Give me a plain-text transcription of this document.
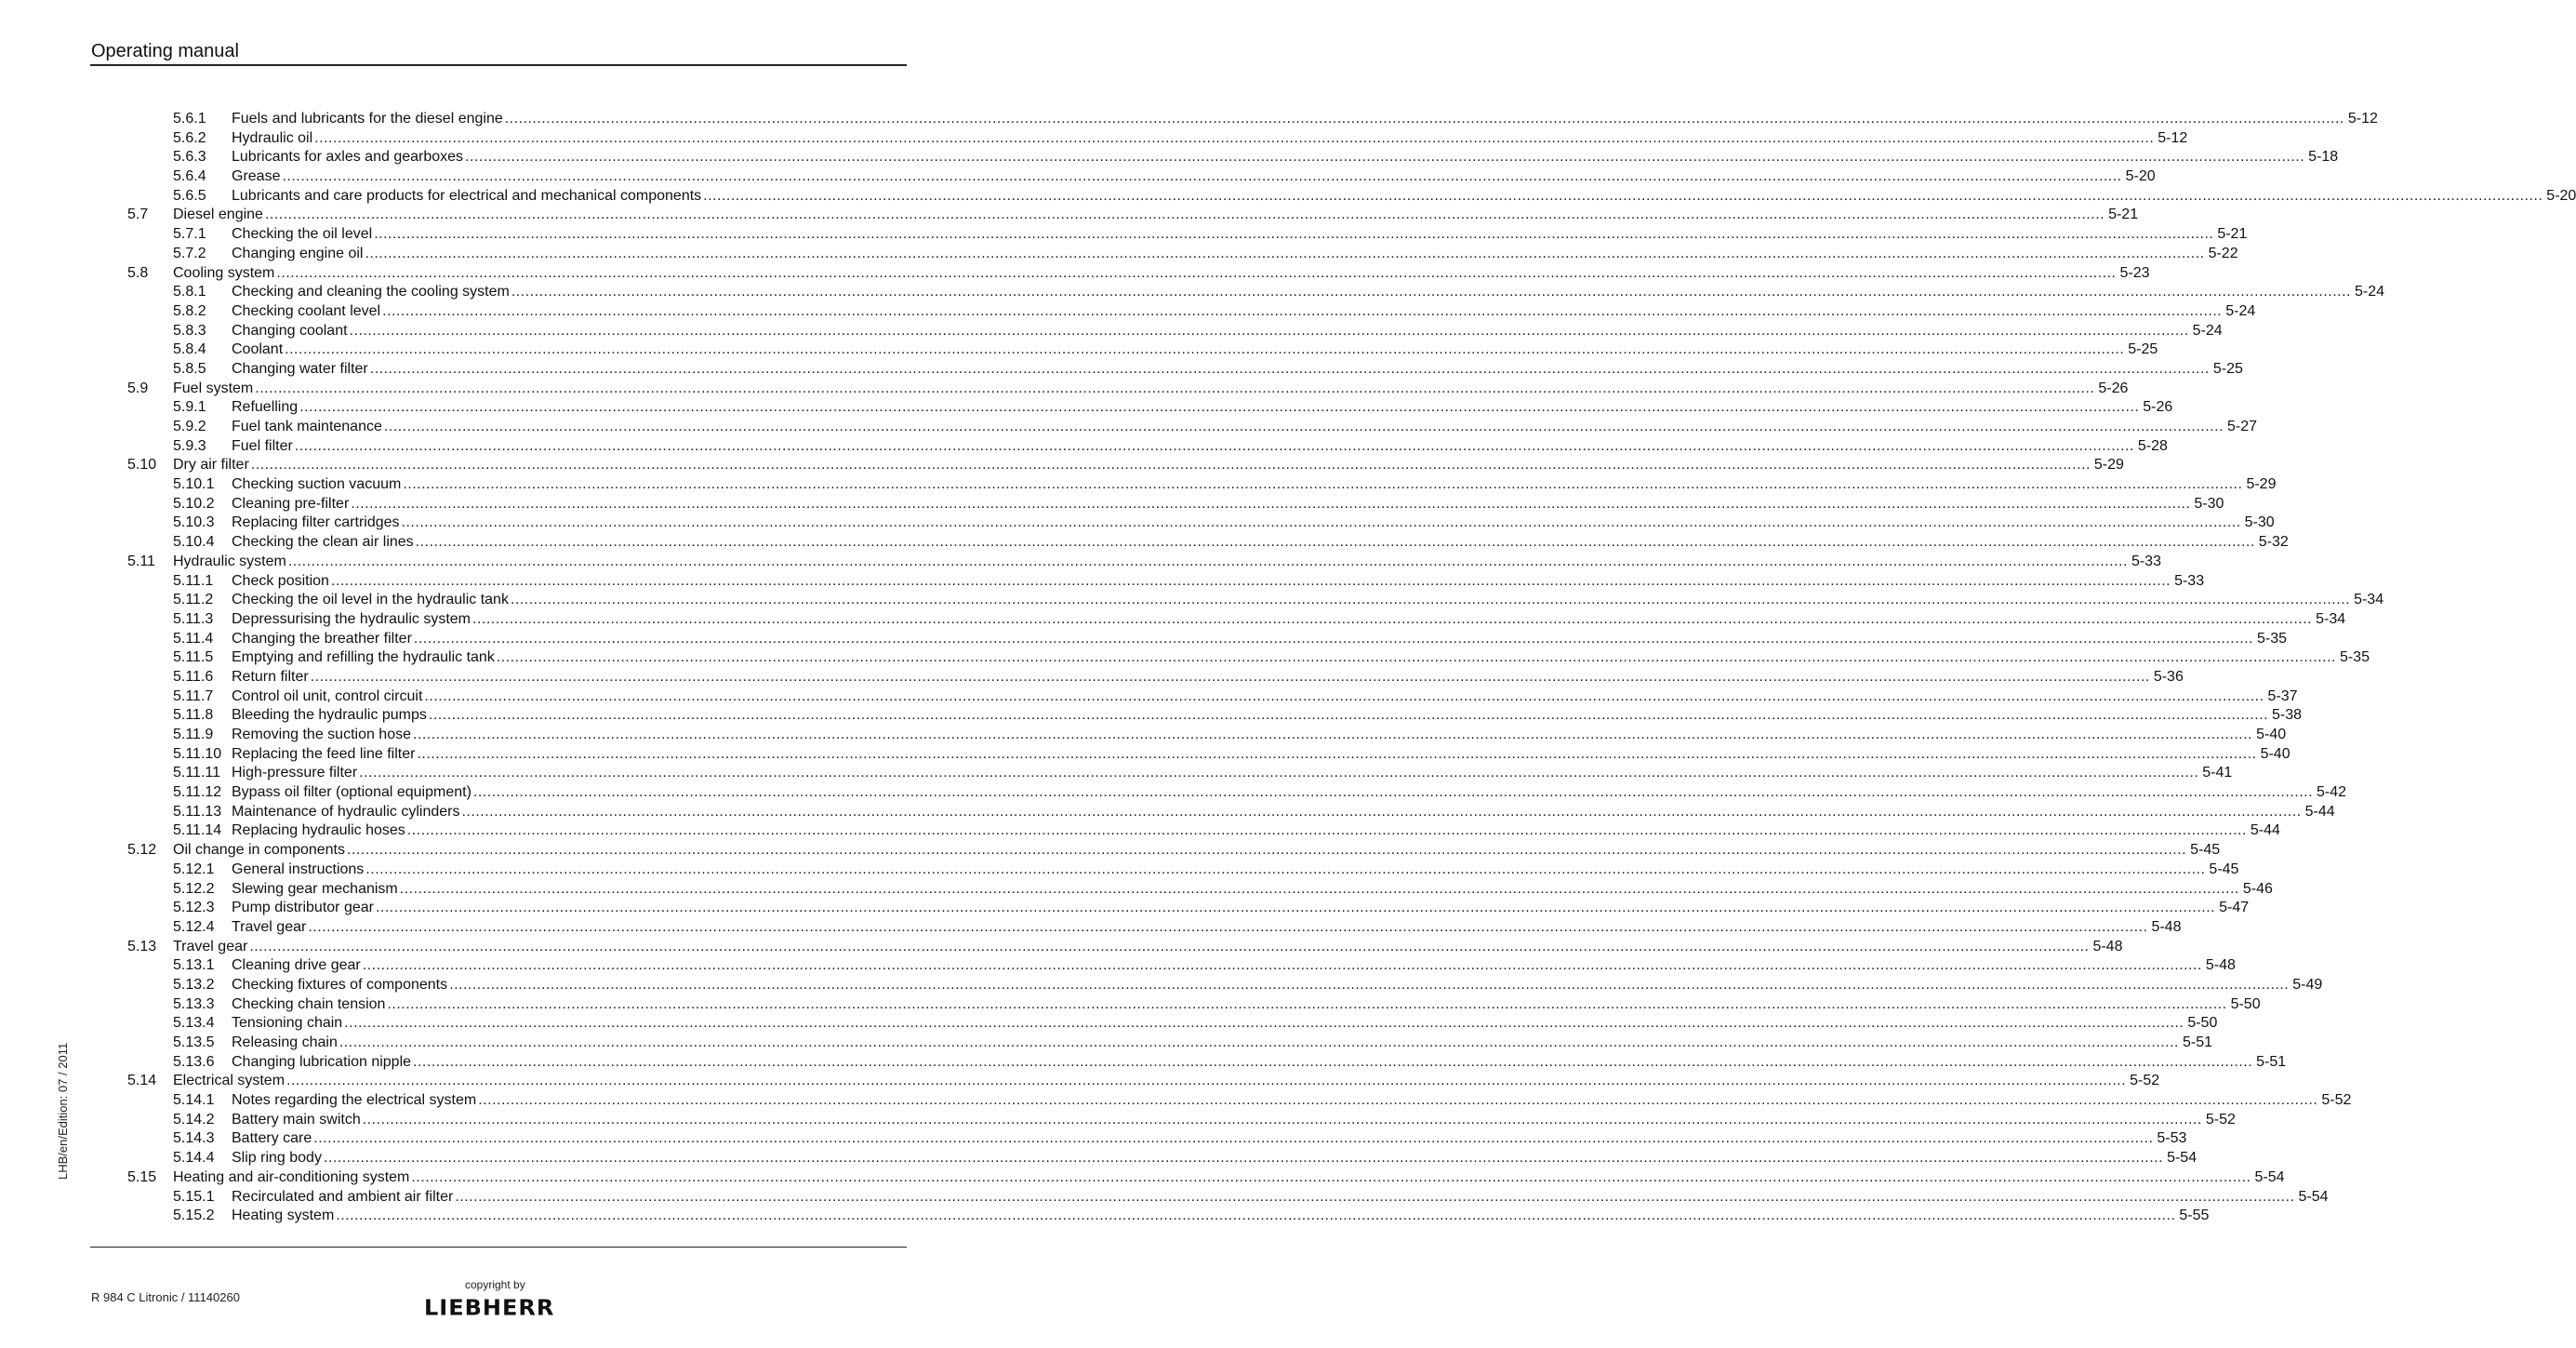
Operating manual
5.6.1 Fuels and lubricants for the diesel engine ................................................................................................................................................................................................................................................................................................................................................................................................................ 5-12
5.6.2 Hydraulic oil ................................................................................................................................................................................................................................................................................................................................................................................................................ 5-12
5.6.3 Lubricants for axles and gearboxes ................................................................................................................................................................................................................................................................................................................................................................................................................ 5-18
5.6.4 Grease ................................................................................................................................................................................................................................................................................................................................................................................................................ 5-20
5.6.5 Lubricants and care products for electrical and mechanical components ................................................................................................................................................................................................................................................................................................................................................................................................................ 5-20
5.7 Diesel engine ................................................................................................................................................................................................................................................................................................................................................................................................................ 5-21
5.7.1 Checking the oil level ................................................................................................................................................................................................................................................................................................................................................................................................................ 5-21
5.7.2 Changing engine oil ................................................................................................................................................................................................................................................................................................................................................................................................................ 5-22
5.8 Cooling system ................................................................................................................................................................................................................................................................................................................................................................................................................ 5-23
5.8.1 Checking and cleaning the cooling system ................................................................................................................................................................................................................................................................................................................................................................................................................ 5-24
5.8.2 Checking coolant level ................................................................................................................................................................................................................................................................................................................................................................................................................ 5-24
5.8.3 Changing coolant ................................................................................................................................................................................................................................................................................................................................................................................................................ 5-24
5.8.4 Coolant ................................................................................................................................................................................................................................................................................................................................................................................................................ 5-25
5.8.5 Changing water filter ................................................................................................................................................................................................................................................................................................................................................................................................................ 5-25
5.9 Fuel system ................................................................................................................................................................................................................................................................................................................................................................................................................ 5-26
5.9.1 Refuelling ................................................................................................................................................................................................................................................................................................................................................................................................................ 5-26
5.9.2 Fuel tank maintenance ................................................................................................................................................................................................................................................................................................................................................................................................................ 5-27
5.9.3 Fuel filter ................................................................................................................................................................................................................................................................................................................................................................................................................ 5-28
5.10 Dry air filter ................................................................................................................................................................................................................................................................................................................................................................................................................ 5-29
5.10.1 Checking suction vacuum ................................................................................................................................................................................................................................................................................................................................................................................................................ 5-29
5.10.2 Cleaning pre-filter ................................................................................................................................................................................................................................................................................................................................................................................................................ 5-30
5.10.3 Replacing filter cartridges ................................................................................................................................................................................................................................................................................................................................................................................................................ 5-30
5.10.4 Checking the clean air lines ................................................................................................................................................................................................................................................................................................................................................................................................................ 5-32
5.11 Hydraulic system ................................................................................................................................................................................................................................................................................................................................................................................................................ 5-33
5.11.1 Check position ................................................................................................................................................................................................................................................................................................................................................................................................................ 5-33
5.11.2 Checking the oil level in the hydraulic tank ................................................................................................................................................................................................................................................................................................................................................................................................................ 5-34
5.11.3 Depressurising the hydraulic system ................................................................................................................................................................................................................................................................................................................................................................................................................ 5-34
5.11.4 Changing the breather filter ................................................................................................................................................................................................................................................................................................................................................................................................................ 5-35
5.11.5 Emptying and refilling the hydraulic tank ................................................................................................................................................................................................................................................................................................................................................................................................................ 5-35
5.11.6 Return filter ................................................................................................................................................................................................................................................................................................................................................................................................................ 5-36
5.11.7 Control oil unit, control circuit ................................................................................................................................................................................................................................................................................................................................................................................................................ 5-37
5.11.8 Bleeding the hydraulic pumps ................................................................................................................................................................................................................................................................................................................................................................................................................ 5-38
5.11.9 Removing the suction hose ................................................................................................................................................................................................................................................................................................................................................................................................................ 5-40
5.11.10 Replacing the feed line filter ................................................................................................................................................................................................................................................................................................................................................................................................................ 5-40
5.11.11 High-pressure filter ................................................................................................................................................................................................................................................................................................................................................................................................................ 5-41
5.11.12 Bypass oil filter (optional equipment) ................................................................................................................................................................................................................................................................................................................................................................................................................ 5-42
5.11.13 Maintenance of hydraulic cylinders ................................................................................................................................................................................................................................................................................................................................................................................................................ 5-44
5.11.14 Replacing hydraulic hoses ................................................................................................................................................................................................................................................................................................................................................................................................................ 5-44
5.12 Oil change in components ................................................................................................................................................................................................................................................................................................................................................................................................................ 5-45
5.12.1 General instructions ................................................................................................................................................................................................................................................................................................................................................................................................................ 5-45
5.12.2 Slewing gear mechanism ................................................................................................................................................................................................................................................................................................................................................................................................................ 5-46
5.12.3 Pump distributor gear ................................................................................................................................................................................................................................................................................................................................................................................................................ 5-47
5.12.4 Travel gear ................................................................................................................................................................................................................................................................................................................................................................................................................ 5-48
5.13 Travel gear ................................................................................................................................................................................................................................................................................................................................................................................................................ 5-48
5.13.1 Cleaning drive gear ................................................................................................................................................................................................................................................................................................................................................................................................................ 5-48
5.13.2 Checking fixtures of components ................................................................................................................................................................................................................................................................................................................................................................................................................ 5-49
5.13.3 Checking chain tension ................................................................................................................................................................................................................................................................................................................................................................................................................ 5-50
5.13.4 Tensioning chain ................................................................................................................................................................................................................................................................................................................................................................................................................ 5-50
5.13.5 Releasing chain ................................................................................................................................................................................................................................................................................................................................................................................................................ 5-51
5.13.6 Changing lubrication nipple ................................................................................................................................................................................................................................................................................................................................................................................................................ 5-51
5.14 Electrical system ................................................................................................................................................................................................................................................................................................................................................................................................................ 5-52
5.14.1 Notes regarding the electrical system ................................................................................................................................................................................................................................................................................................................................................................................................................ 5-52
5.14.2 Battery main switch ................................................................................................................................................................................................................................................................................................................................................................................................................ 5-52
5.14.3 Battery care ................................................................................................................................................................................................................................................................................................................................................................................................................ 5-53
5.14.4 Slip ring body ................................................................................................................................................................................................................................................................................................................................................................................................................ 5-54
5.15 Heating and air-conditioning system ................................................................................................................................................................................................................................................................................................................................................................................................................ 5-54
5.15.1 Recirculated and ambient air filter ................................................................................................................................................................................................................................................................................................................................................................................................................ 5-54
5.15.2 Heating system ................................................................................................................................................................................................................................................................................................................................................................................................................ 5-55
LHB/en/Edition: 07 / 2011
R 984 C Litronic / 11140260
copyright by
LIEBHERR
